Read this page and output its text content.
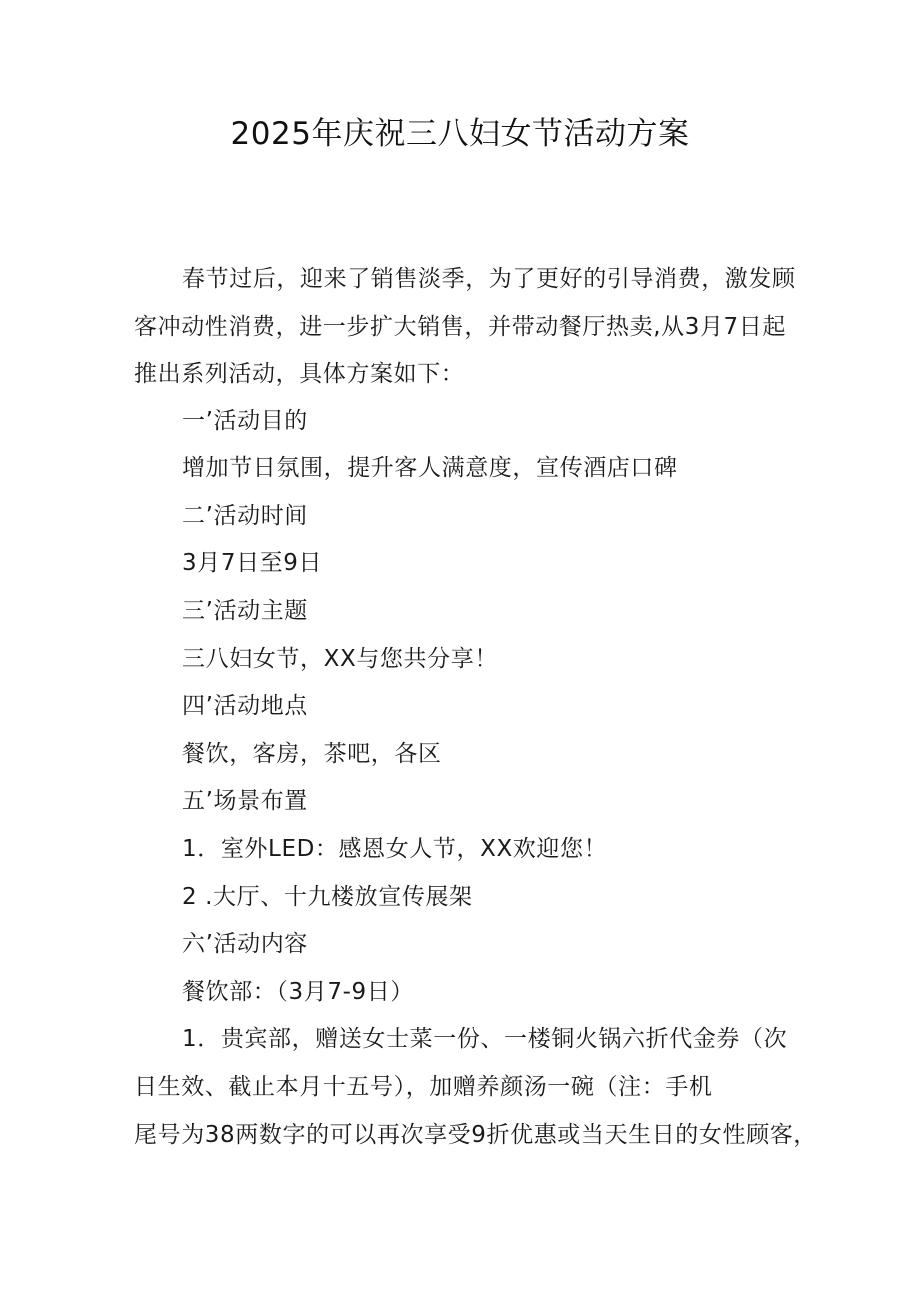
2025年庆祝三八妇女节活动方案
春节过后，迎来了销售淡季，为了更好的引导消费，激发顾
客冲动性消费，进一步扩大销售，并带动餐厅热卖,从3月7日起
推出系列活动，具体方案如下：
一’活动目的
增加节日氛围，提升客人满意度，宣传酒店口碑
二’活动时间
3月7日至9日
三’活动主题
三八妇女节，XX与您共分享！
四’活动地点
餐饮，客房，茶吧，各区
五’场景布置
1．室外LED：感恩女人节，XX欢迎您！
2 .大厅、十九楼放宣传展架
六’活动内容
餐饮部：（3月7-9日）
1．贵宾部，赠送女士菜一份、一楼铜火锅六折代金券（次
日生效、截止本月十五号），加赠养颜汤一碗（注：手机
尾号为38两数字的可以再次享受9折优惠或当天生日的女性顾客，
